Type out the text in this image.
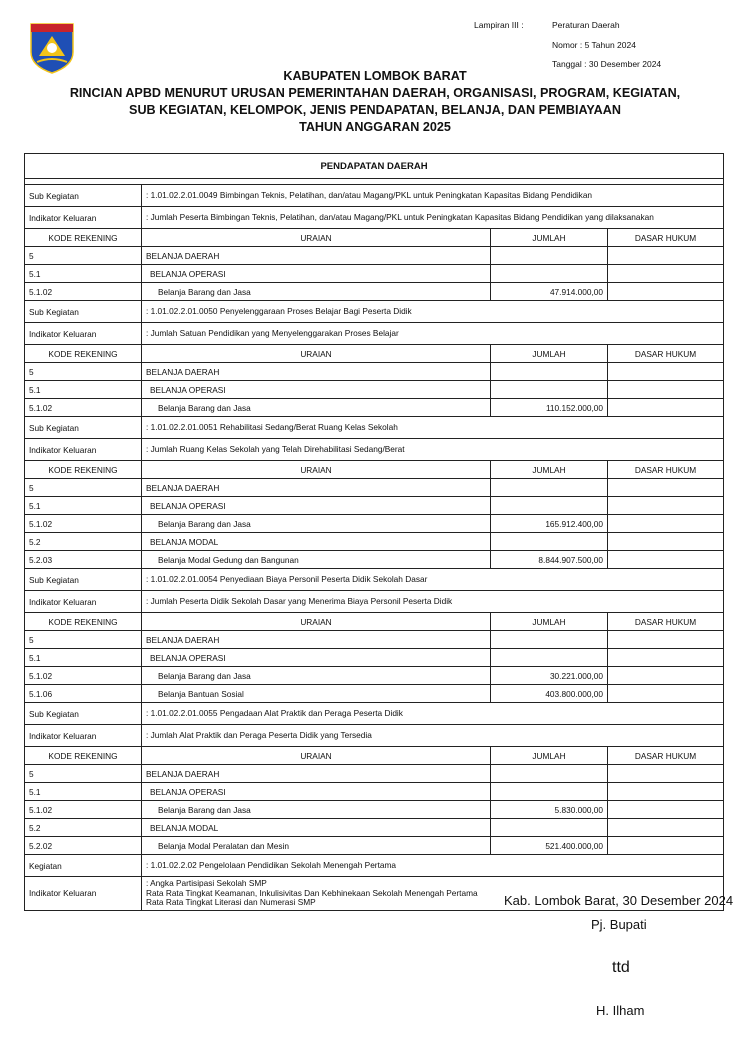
Lampiran III :	Peraturan Daerah
Nomor : 5 Tahun 2024
Tanggal : 30 Desember 2024
KABUPATEN LOMBOK BARAT
RINCIAN APBD MENURUT URUSAN PEMERINTAHAN DAERAH, ORGANISASI, PROGRAM, KEGIATAN,
SUB KEGIATAN, KELOMPOK, JENIS PENDAPATAN, BELANJA, DAN PEMBIAYAAN
TAHUN ANGGARAN 2025
PENDAPATAN DAERAH			

Sub Kegiatan	: 1.01.02.2.01.0049 Bimbingan Teknis, Pelatihan, dan/atau Magang/PKL untuk Peningkatan Kapasitas Bidang Pendidikan		
Indikator Keluaran	: Jumlah Peserta Bimbingan Teknis, Pelatihan, dan/atau Magang/PKL untuk Peningkatan Kapasitas Bidang Pendidikan yang dilaksanakan		
KODE REKENING	URAIAN	JUMLAH	DASAR HUKUM
5	BELANJA DAERAH		
5.1	BELANJA OPERASI		
5.1.02	Belanja Barang dan Jasa	47.914.000,00	
Sub Kegiatan	: 1.01.02.2.01.0050 Penyelenggaraan Proses Belajar Bagi Peserta Didik		
Indikator Keluaran	: Jumlah Satuan Pendidikan yang Menyelenggarakan Proses Belajar		
KODE REKENING	URAIAN	JUMLAH	DASAR HUKUM
5	BELANJA DAERAH		
5.1	BELANJA OPERASI		
5.1.02	Belanja Barang dan Jasa	110.152.000,00	
Sub Kegiatan	: 1.01.02.2.01.0051 Rehabilitasi Sedang/Berat Ruang Kelas Sekolah		
Indikator Keluaran	: Jumlah Ruang Kelas Sekolah yang Telah Direhabilitasi Sedang/Berat		
KODE REKENING	URAIAN	JUMLAH	DASAR HUKUM
5	BELANJA DAERAH		
5.1	BELANJA OPERASI		
5.1.02	Belanja Barang dan Jasa	165.912.400,00	
5.2	BELANJA MODAL		
5.2.03	Belanja Modal Gedung dan Bangunan	8.844.907.500,00	
Sub Kegiatan	: 1.01.02.2.01.0054 Penyediaan Biaya Personil Peserta Didik Sekolah Dasar		
Indikator Keluaran	: Jumlah Peserta Didik Sekolah Dasar yang Menerima Biaya Personil Peserta Didik		
KODE REKENING	URAIAN	JUMLAH	DASAR HUKUM
5	BELANJA DAERAH		
5.1	BELANJA OPERASI		
5.1.02	Belanja Barang dan Jasa	30.221.000,00	
5.1.06	Belanja Bantuan Sosial	403.800.000,00	
Sub Kegiatan	: 1.01.02.2.01.0055 Pengadaan Alat Praktik dan Peraga Peserta Didik		
Indikator Keluaran	: Jumlah Alat Praktik dan Peraga Peserta Didik yang Tersedia		
KODE REKENING	URAIAN	JUMLAH	DASAR HUKUM
5	BELANJA DAERAH		
5.1	BELANJA OPERASI		
5.1.02	Belanja Barang dan Jasa	5.830.000,00	
5.2	BELANJA MODAL		
5.2.02	Belanja Modal Peralatan dan Mesin	521.400.000,00	
Kegiatan	: 1.01.02.2.02 Pengelolaan Pendidikan Sekolah Menengah Pertama		
Indikator Keluaran	: Angka Partisipasi Sekolah SMP
Rata Rata Tingkat Keamanan, Inkulisivitas Dan Kebhinekaan Sekolah Menengah Pertama
Rata Rata Tingkat Literasi dan Numerasi SMP			Kab. Lombok Barat, 30 Desember 2024
Pj. Bupati
ttd
H. Ilham
